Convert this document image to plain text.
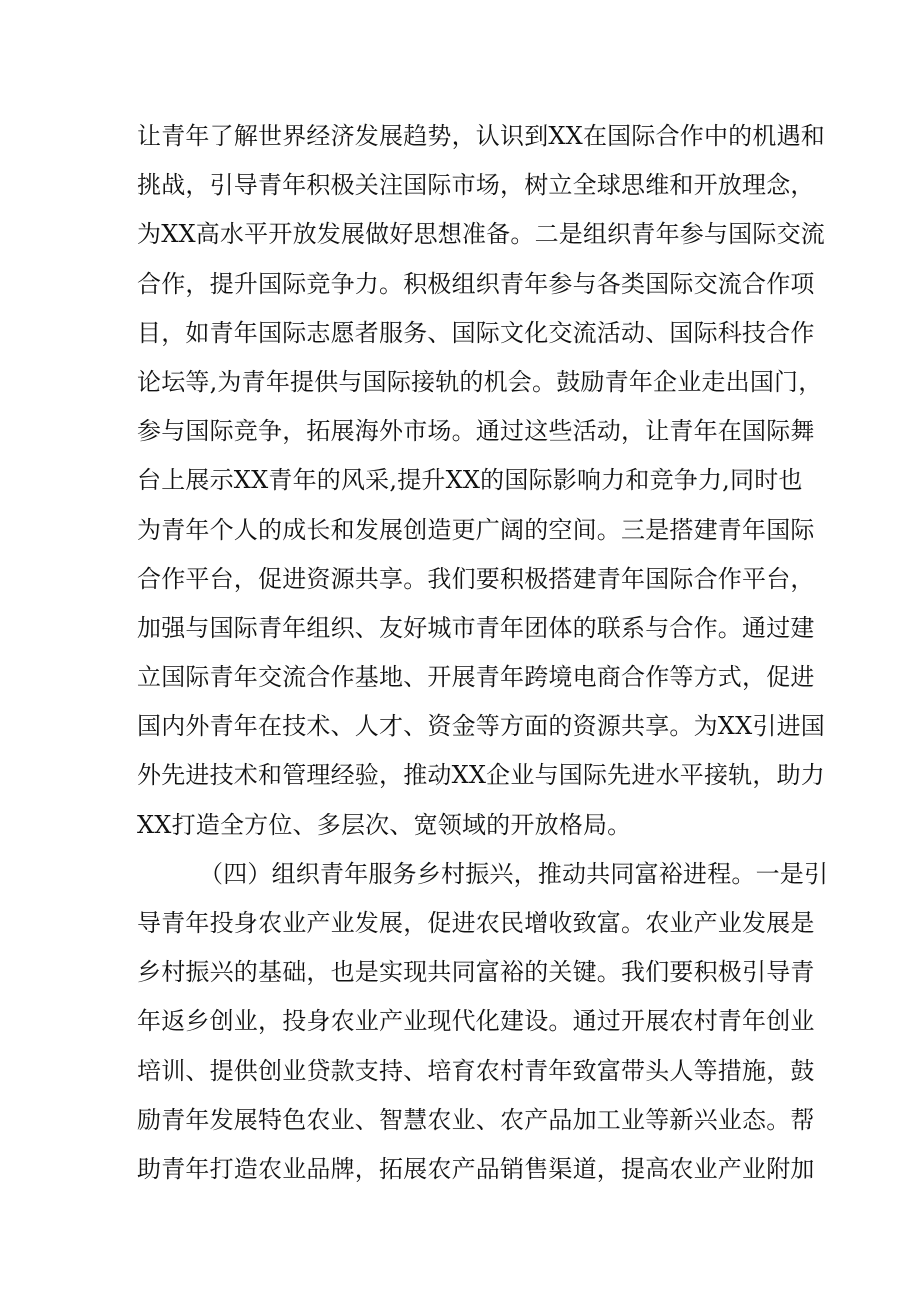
让青年了解世界经济发展趋势，认识到XX在国际合作中的机遇和
挑战，引导青年积极关注国际市场，树立全球思维和开放理念，
为XX高水平开放发展做好思想准备。二是组织青年参与国际交流
合作，提升国际竞争力。积极组织青年参与各类国际交流合作项
目，如青年国际志愿者服务、国际文化交流活动、国际科技合作
论坛等,为青年提供与国际接轨的机会。鼓励青年企业走出国门，
参与国际竞争，拓展海外市场。通过这些活动，让青年在国际舞
台上展示XX青年的风采,提升XX的国际影响力和竞争力,同时也
为青年个人的成长和发展创造更广阔的空间。三是搭建青年国际
合作平台，促进资源共享。我们要积极搭建青年国际合作平台，
加强与国际青年组织、友好城市青年团体的联系与合作。通过建
立国际青年交流合作基地、开展青年跨境电商合作等方式，促进
国内外青年在技术、人才、资金等方面的资源共享。为XX引进国
外先进技术和管理经验，推动XX企业与国际先进水平接轨，助力
XX打造全方位、多层次、宽领域的开放格局。
（四）组织青年服务乡村振兴，推动共同富裕进程。一是引
导青年投身农业产业发展，促进农民增收致富。农业产业发展是
乡村振兴的基础，也是实现共同富裕的关键。我们要积极引导青
年返乡创业，投身农业产业现代化建设。通过开展农村青年创业
培训、提供创业贷款支持、培育农村青年致富带头人等措施，鼓
励青年发展特色农业、智慧农业、农产品加工业等新兴业态。帮
助青年打造农业品牌，拓展农产品销售渠道，提高农业产业附加
